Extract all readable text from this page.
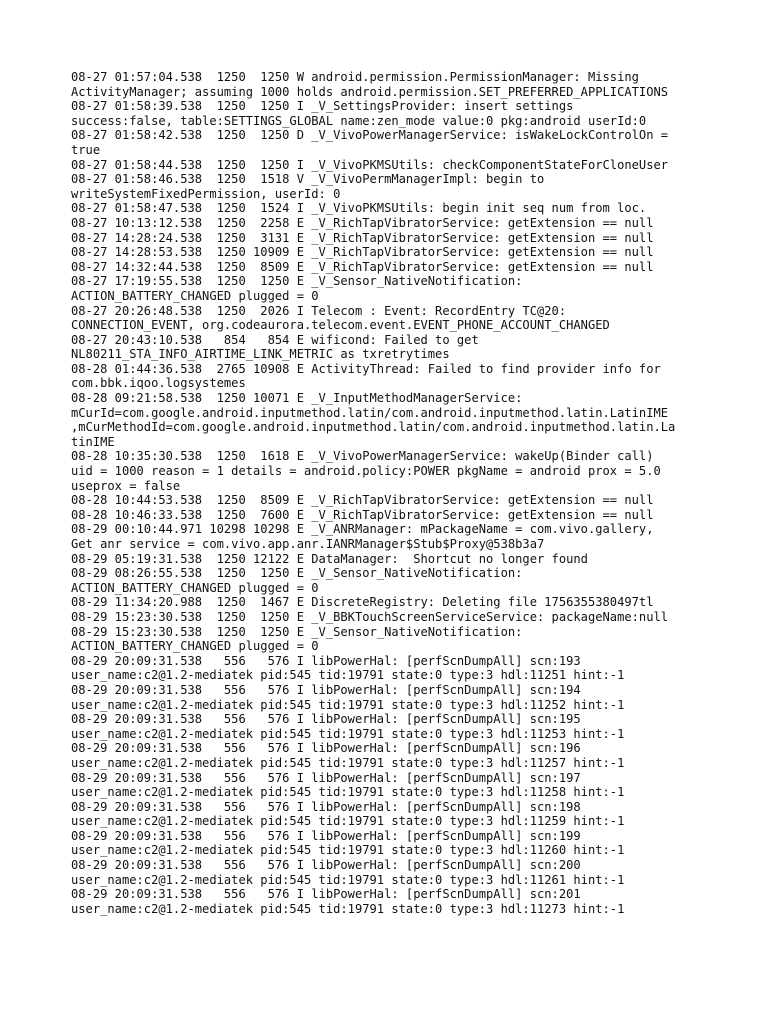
08-27 01:57:04.538  1250  1250 W android.permission.PermissionManager: Missing
ActivityManager; assuming 1000 holds android.permission.SET_PREFERRED_APPLICATIONS
08-27 01:58:39.538  1250  1250 I _V_SettingsProvider: insert settings
success:false, table:SETTINGS_GLOBAL name:zen_mode value:0 pkg:android userId:0
08-27 01:58:42.538  1250  1250 D _V_VivoPowerManagerService: isWakeLockControlOn =
true
08-27 01:58:44.538  1250  1250 I _V_VivoPKMSUtils: checkComponentStateForCloneUser
08-27 01:58:46.538  1250  1518 V _V_VivoPermManagerImpl: begin to
writeSystemFixedPermission, userId: 0
08-27 01:58:47.538  1250  1524 I _V_VivoPKMSUtils: begin init seq num from loc.
08-27 10:13:12.538  1250  2258 E _V_RichTapVibratorService: getExtension == null
08-27 14:28:24.538  1250  3131 E _V_RichTapVibratorService: getExtension == null
08-27 14:28:53.538  1250 10909 E _V_RichTapVibratorService: getExtension == null
08-27 14:32:44.538  1250  8509 E _V_RichTapVibratorService: getExtension == null
08-27 17:19:55.538  1250  1250 E _V_Sensor_NativeNotification:
ACTION_BATTERY_CHANGED plugged = 0
08-27 20:26:48.538  1250  2026 I Telecom : Event: RecordEntry TC@20:
CONNECTION_EVENT, org.codeaurora.telecom.event.EVENT_PHONE_ACCOUNT_CHANGED
08-27 20:43:10.538   854   854 E wificond: Failed to get
NL80211_STA_INFO_AIRTIME_LINK_METRIC as txretrytimes
08-28 01:44:36.538  2765 10908 E ActivityThread: Failed to find provider info for
com.bbk.iqoo.logsystemes
08-28 09:21:58.538  1250 10071 E _V_InputMethodManagerService:
mCurId=com.google.android.inputmethod.latin/com.android.inputmethod.latin.LatinIME
,mCurMethodId=com.google.android.inputmethod.latin/com.android.inputmethod.latin.La
tinIME
08-28 10:35:30.538  1250  1618 E _V_VivoPowerManagerService: wakeUp(Binder call)
uid = 1000 reason = 1 details = android.policy:POWER pkgName = android prox = 5.0
useprox = false
08-28 10:44:53.538  1250  8509 E _V_RichTapVibratorService: getExtension == null
08-28 10:46:33.538  1250  7600 E _V_RichTapVibratorService: getExtension == null
08-29 00:10:44.971 10298 10298 E _V_ANRManager: mPackageName = com.vivo.gallery,
Get anr service = com.vivo.app.anr.IANRManager$Stub$Proxy@538b3a7
08-29 05:19:31.538  1250 12122 E DataManager:  Shortcut no longer found
08-29 08:26:55.538  1250  1250 E _V_Sensor_NativeNotification:
ACTION_BATTERY_CHANGED plugged = 0
08-29 11:34:20.988  1250  1467 E DiscreteRegistry: Deleting file 1756355380497tl
08-29 15:23:30.538  1250  1250 E _V_BBKTouchScreenServiceService: packageName:null
08-29 15:23:30.538  1250  1250 E _V_Sensor_NativeNotification:
ACTION_BATTERY_CHANGED plugged = 0
08-29 20:09:31.538   556   576 I libPowerHal: [perfScnDumpAll] scn:193
user_name:c2@1.2-mediatek pid:545 tid:19791 state:0 type:3 hdl:11251 hint:-1
08-29 20:09:31.538   556   576 I libPowerHal: [perfScnDumpAll] scn:194
user_name:c2@1.2-mediatek pid:545 tid:19791 state:0 type:3 hdl:11252 hint:-1
08-29 20:09:31.538   556   576 I libPowerHal: [perfScnDumpAll] scn:195
user_name:c2@1.2-mediatek pid:545 tid:19791 state:0 type:3 hdl:11253 hint:-1
08-29 20:09:31.538   556   576 I libPowerHal: [perfScnDumpAll] scn:196
user_name:c2@1.2-mediatek pid:545 tid:19791 state:0 type:3 hdl:11257 hint:-1
08-29 20:09:31.538   556   576 I libPowerHal: [perfScnDumpAll] scn:197
user_name:c2@1.2-mediatek pid:545 tid:19791 state:0 type:3 hdl:11258 hint:-1
08-29 20:09:31.538   556   576 I libPowerHal: [perfScnDumpAll] scn:198
user_name:c2@1.2-mediatek pid:545 tid:19791 state:0 type:3 hdl:11259 hint:-1
08-29 20:09:31.538   556   576 I libPowerHal: [perfScnDumpAll] scn:199
user_name:c2@1.2-mediatek pid:545 tid:19791 state:0 type:3 hdl:11260 hint:-1
08-29 20:09:31.538   556   576 I libPowerHal: [perfScnDumpAll] scn:200
user_name:c2@1.2-mediatek pid:545 tid:19791 state:0 type:3 hdl:11261 hint:-1
08-29 20:09:31.538   556   576 I libPowerHal: [perfScnDumpAll] scn:201
user_name:c2@1.2-mediatek pid:545 tid:19791 state:0 type:3 hdl:11273 hint:-1
